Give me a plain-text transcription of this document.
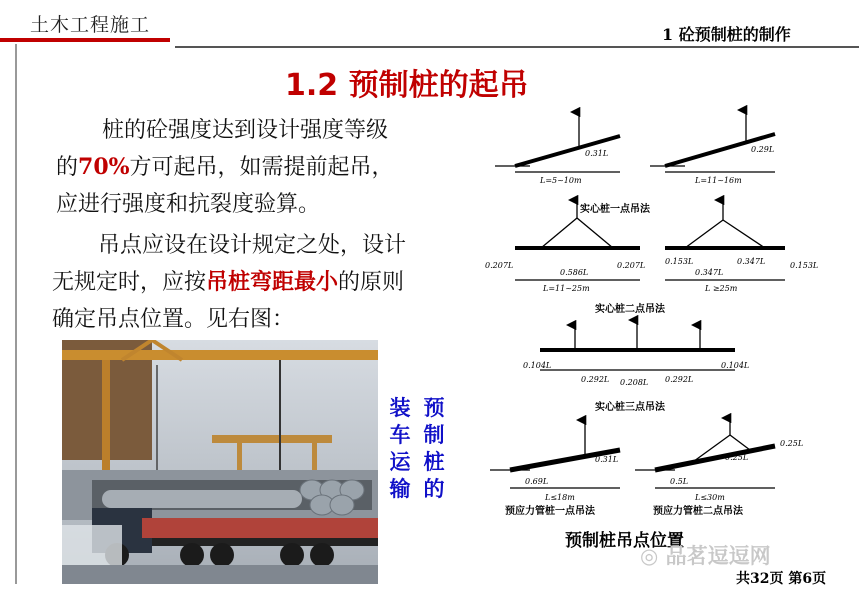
土木工程施工	1 砼预制桩的制作
1.2 预制桩的起吊
桩的砼强度达到设计强度等级
的70%方可起吊，如需提前起吊，
应进行强度和抗裂度验算。
吊点应设在设计规定之处，设计
无规定时，应按吊桩弯距最小的原则
确定吊点位置。见右图：
预
制
桩
的
装
车
运
输
0.31L
L=5~10m
0.29L
L=11~16m
实心桩一点吊法
0.207L
0.586L
0.207L
L=11~25m
0.153L
0.347L
0.347L	0.153L
L ≥25m
实心桩二点吊法
0.104L
0.292L 0.208L 0.292L
0.104L
实心桩三点吊法
0.69L
0.31L
L≤18m
0.25L
0.5L
0.25L
L≤30m
预应力管桩一点吊法	预应力管桩二点吊法
预制桩吊点位置
◎ 品茗逗逗网
共32页 第6页
